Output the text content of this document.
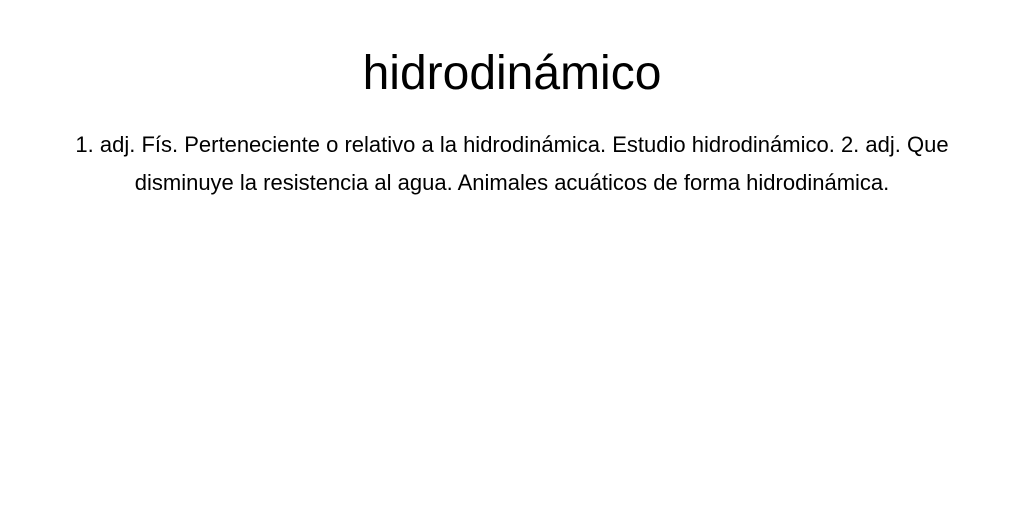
hidrodinámico

1. adj. Fís. Perteneciente o relativo a la hidrodinámica. Estudio hidrodinámico. 2. adj. Que disminuye la resistencia al agua. Animales acuáticos de forma hidrodinámica.
